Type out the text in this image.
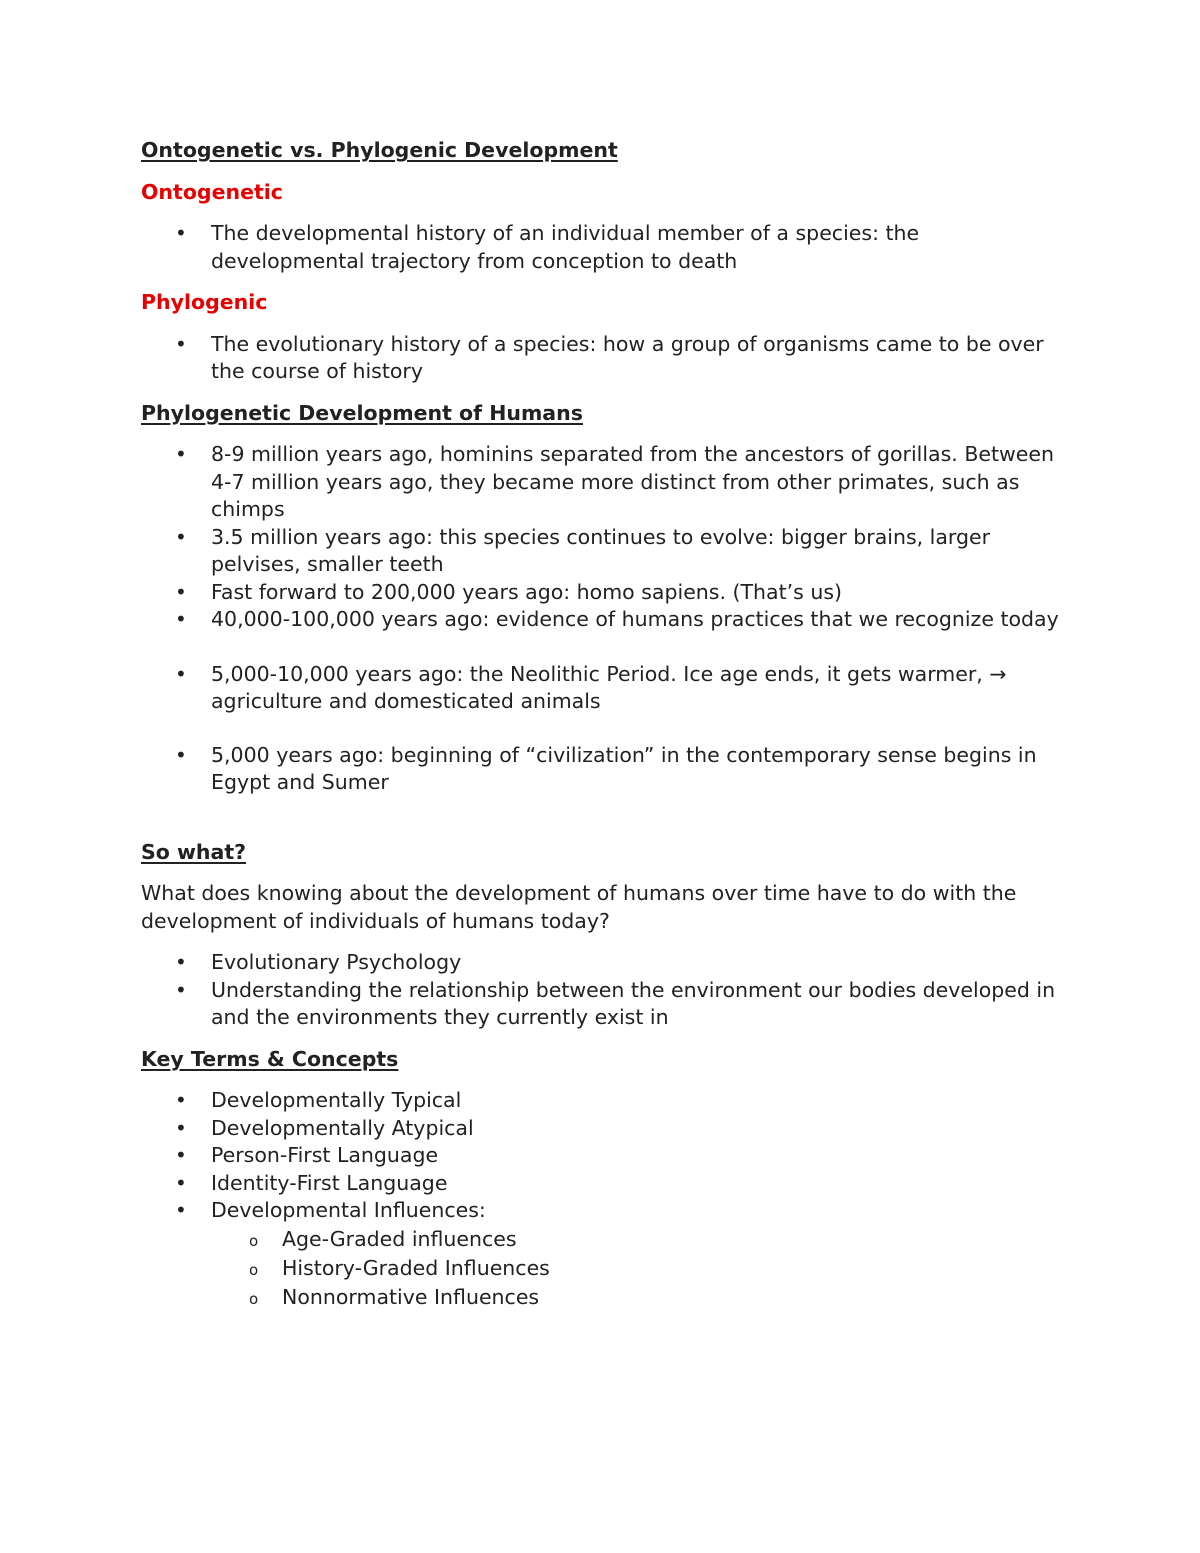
Ontogenetic vs. Phylogenic Development

Ontogenetic

• The developmental history of an individual member of a species: the developmental trajectory from conception to death

Phylogenic

• The evolutionary history of a species: how a group of organisms came to be over the course of history

Phylogenetic Development of Humans

• 8-9 million years ago, hominins separated from the ancestors of gorillas. Between 4-7 million years ago, they became more distinct from other primates, such as chimps
• 3.5 million years ago: this species continues to evolve: bigger brains, larger pelvises, smaller teeth
• Fast forward to 200,000 years ago: homo sapiens. (That’s us)
• 40,000-100,000 years ago: evidence of humans practices that we recognize today
• 5,000-10,000 years ago: the Neolithic Period. Ice age ends, it gets warmer, → agriculture and domesticated animals
• 5,000 years ago: beginning of “civilization” in the contemporary sense begins in Egypt and Sumer

So what?

What does knowing about the development of humans over time have to do with the development of individuals of humans today?

• Evolutionary Psychology
• Understanding the relationship between the environment our bodies developed in and the environments they currently exist in

Key Terms & Concepts

• Developmentally Typical
• Developmentally Atypical
• Person-First Language
• Identity-First Language
• Developmental Influences:
o Age-Graded influences
o History-Graded Influences
o Nonnormative Influences
